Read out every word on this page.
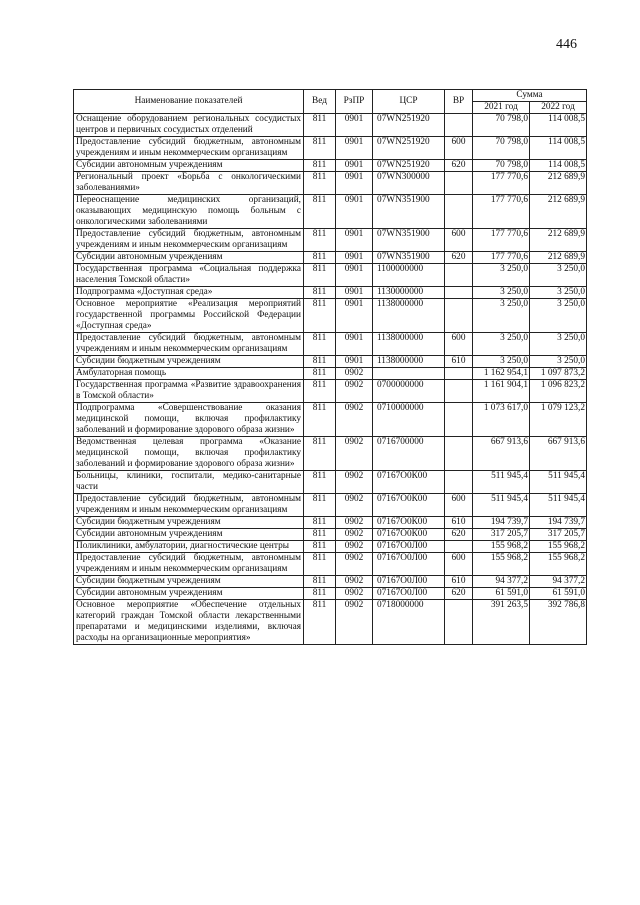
446
Наименование показателей	Вед	РзПР	ЦСР	ВР	Сумма	
					2021 год	2022 год
Оснащение оборудованием региональных сосудистых центров и первичных сосудистых отделений	811	0901	07WN251920		70 798,0	114 008,5
Предоставление субсидий бюджетным, автономным учреждениям и иным некоммерческим организациям	811	0901	07WN251920	600	70 798,0	114 008,5
Субсидии автономным учреждениям	811	0901	07WN251920	620	70 798,0	114 008,5
Региональный проект «Борьба с онкологическими заболеваниями»	811	0901	07WN300000		177 770,6	212 689,9
Переоснащение медицинских организаций, оказывающих медицинскую помощь больным с онкологическими заболеваниями	811	0901	07WN351900		177 770,6	212 689,9
Предоставление субсидий бюджетным, автономным учреждениям и иным некоммерческим организациям	811	0901	07WN351900	600	177 770,6	212 689,9
Субсидии автономным учреждениям	811	0901	07WN351900	620	177 770,6	212 689,9
Государственная программа «Социальная поддержка населения Томской области»	811	0901	1100000000		3 250,0	3 250,0
Подпрограмма «Доступная среда»	811	0901	1130000000		3 250,0	3 250,0
Основное мероприятие «Реализация мероприятий государственной программы Российской Федерации «Доступная среда»	811	0901	1138000000		3 250,0	3 250,0
Предоставление субсидий бюджетным, автономным учреждениям и иным некоммерческим организациям	811	0901	1138000000	600	3 250,0	3 250,0
Субсидии бюджетным учреждениям	811	0901	1138000000	610	3 250,0	3 250,0
Амбулаторная помощь	811	0902			1 162 954,1	1 097 873,2
Государственная программа «Развитие здравоохранения в Томской области»	811	0902	0700000000		1 161 904,1	1 096 823,2
Подпрограмма «Совершенствование оказания медицинской помощи, включая профилактику заболеваний и формирование здорового образа жизни»	811	0902	0710000000		1 073 617,0	1 079 123,2
Ведомственная целевая программа «Оказание медицинской помощи, включая профилактику заболеваний и формирование здорового образа жизни»	811	0902	0716700000		667 913,6	667 913,6
Больницы, клиники, госпитали, медико-санитарные части	811	0902	07167О0К00		511 945,4	511 945,4
Предоставление субсидий бюджетным, автономным учреждениям и иным некоммерческим организациям	811	0902	07167О0К00	600	511 945,4	511 945,4
Субсидии бюджетным учреждениям	811	0902	07167О0К00	610	194 739,7	194 739,7
Субсидии автономным учреждениям	811	0902	07167О0К00	620	317 205,7	317 205,7
Поликлиники, амбулатории, диагностические центры	811	0902	07167О0Л00		155 968,2	155 968,2
Предоставление субсидий бюджетным, автономным учреждениям и иным некоммерческим организациям	811	0902	07167О0Л00	600	155 968,2	155 968,2
Субсидии бюджетным учреждениям	811	0902	07167О0Л00	610	94 377,2	94 377,2
Субсидии автономным учреждениям	811	0902	07167О0Л00	620	61 591,0	61 591,0
Основное мероприятие «Обеспечение отдельных категорий граждан Томской области лекарственными препаратами и медицинскими изделиями, включая расходы на организационные мероприятия»	811	0902	0718000000		391 263,5	392 786,8
